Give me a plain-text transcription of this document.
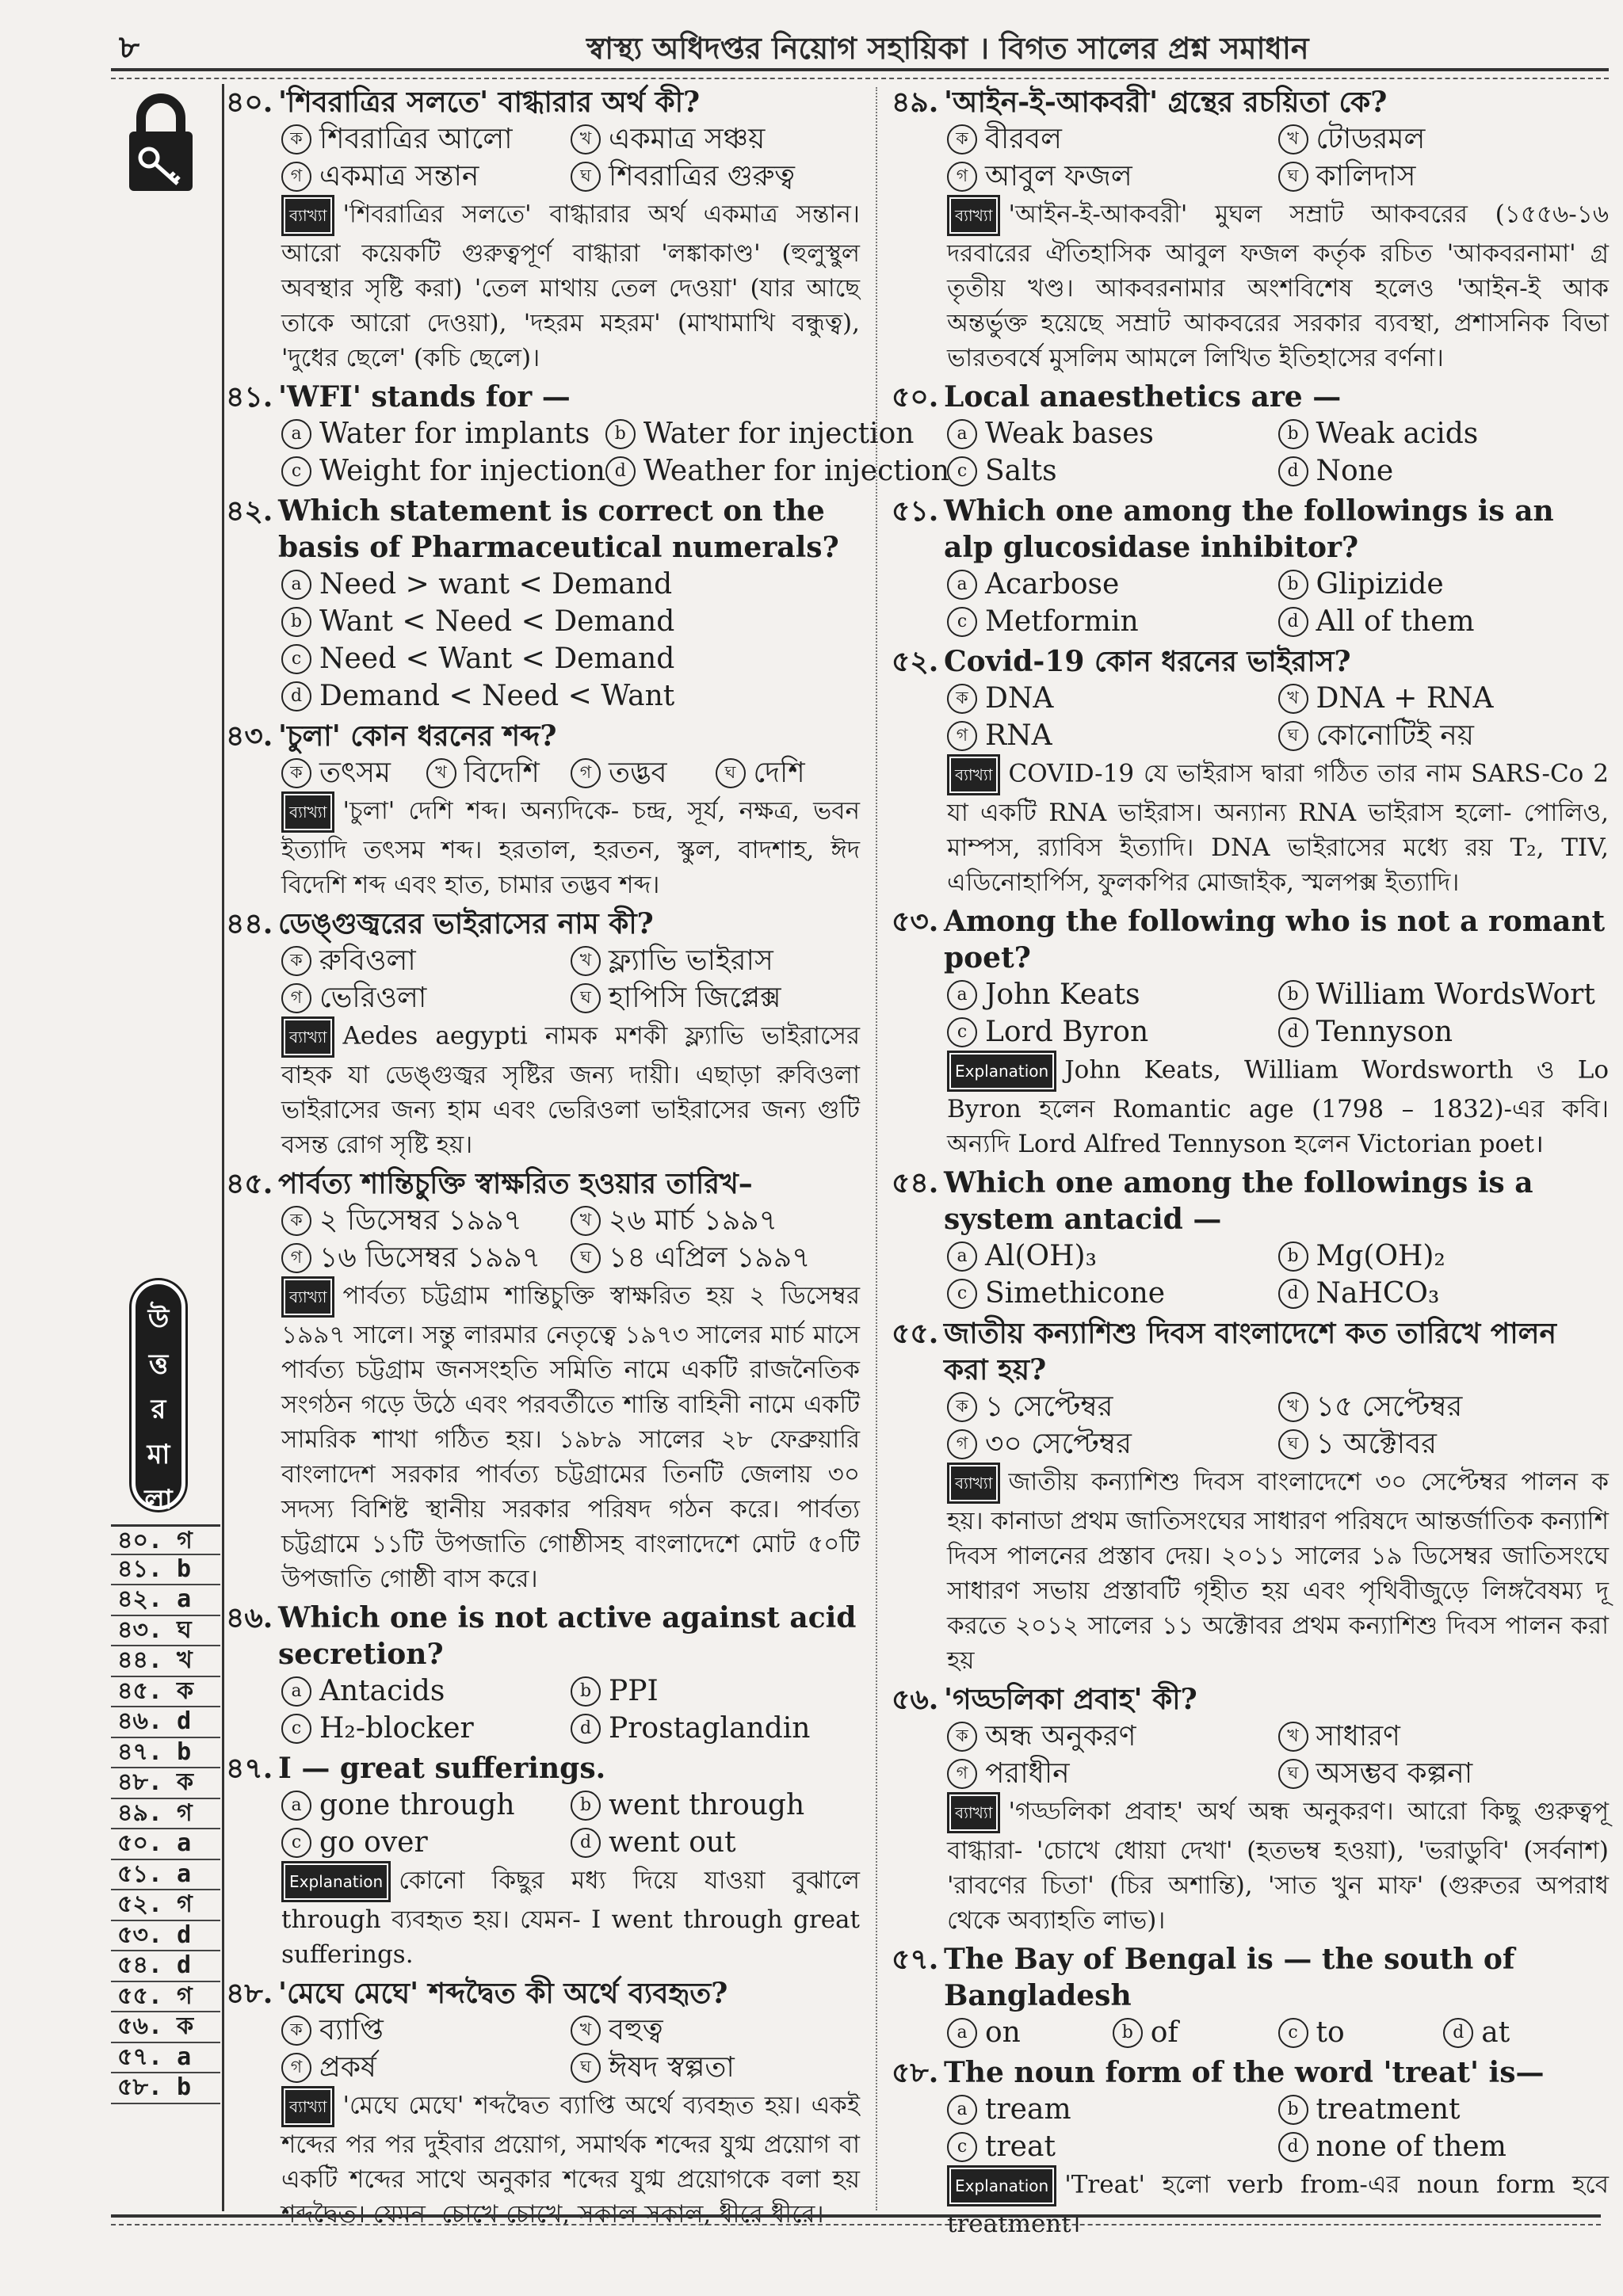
৮	স্বাস্থ্য অধিদপ্তর নিয়োগ সহায়িকা । বিগত সালের প্রশ্ন সমাধান
উ
ত্ত
র
মা
লা
৪০. গ
৪১. b
৪২. a
৪৩. ঘ
৪৪. খ
৪৫. ক
৪৬. d
৪৭. b
৪৮. ক
৪৯. গ
৫০. a
৫১. a
৫২. গ
৫৩. d
৫৪. d
৫৫. গ
৫৬. ক
৫৭. a
৫৮. b
৪০. 'শিবরাত্রির সলতে' বাগ্ধারার অর্থ কী?
ক শিবরাত্রির আলো	খ একমাত্র সঞ্চয়
গ একমাত্র সন্তান	ঘ শিবরাত্রির গুরুত্ব
ব্যাখ্যা 'শিবরাত্রির সলতে' বাগ্ধারার অর্থ একমাত্র সন্তান। আরো কয়েকটি গুরুত্বপূর্ণ বাগ্ধারা 'লঙ্কাকাণ্ড' (হুলুস্থুল অবস্থার সৃষ্টি করা) 'তেল মাথায় তেল দেওয়া' (যার আছে তাকে আরো দেওয়া), 'দহরম মহরম' (মাখামাখি বন্ধুত্ব), 'দুধের ছেলে' (কচি ছেলে)।
৪১. 'WFI' stands for —
a Water for implants	b Water for injection
c Weight for injection d Weather for injection
৪২. Which statement is correct on the basis of Pharmaceutical numerals?
a Need > want < Demand
b Want < Need < Demand
c Need < Want < Demand
d Demand < Need < Want
৪৩. 'চুলা' কোন ধরনের শব্দ?
ক তৎসম	খ বিদেশি	গ তদ্ভব	ঘ দেশি
ব্যাখ্যা 'চুলা' দেশি শব্দ। অন্যদিকে- চন্দ্র, সূর্য, নক্ষত্র, ভবন ইত্যাদি তৎসম শব্দ। হরতাল, হরতন, স্কুল, বাদশাহ, ঈদ বিদেশি শব্দ এবং হাত, চামার তদ্ভব শব্দ।
৪৪. ডেঙ্গুজ্বরের ভাইরাসের নাম কী?
ক রুবিওলা	খ ফ্ল্যাভি ভাইরাস
গ ভেরিওলা	ঘ হাপিসি জিপ্লেক্স
ব্যাখ্যা Aedes aegypti নামক মশকী ফ্ল্যাভি ভাইরাসের বাহক যা ডেঙ্গুজ্বর সৃষ্টির জন্য দায়ী। এছাড়া রুবিওলা ভাইরাসের জন্য হাম এবং ভেরিওলা ভাইরাসের জন্য গুটি বসন্ত রোগ সৃষ্টি হয়।
৪৫. পার্বত্য শান্তিচুক্তি স্বাক্ষরিত হওয়ার তারিখ–
ক ২ ডিসেম্বর ১৯৯৭	খ ২৬ মার্চ ১৯৯৭
গ ১৬ ডিসেম্বর ১৯৯৭	ঘ ১৪ এপ্রিল ১৯৯৭
ব্যাখ্যা পার্বত্য চট্টগ্রাম শান্তিচুক্তি স্বাক্ষরিত হয় ২ ডিসেম্বর ১৯৯৭ সালে। সন্তু লারমার নেতৃত্বে ১৯৭৩ সালের মার্চ মাসে পার্বত্য চট্টগ্রাম জনসংহতি সমিতি নামে একটি রাজনৈতিক সংগঠন গড়ে উঠে এবং পরবর্তীতে শান্তি বাহিনী নামে একটি সামরিক শাখা গঠিত হয়। ১৯৮৯ সালের ২৮ ফেব্রুয়ারি বাংলাদেশ সরকার পার্বত্য চট্টগ্রামের তিনটি জেলায় ৩০ সদস্য বিশিষ্ট স্থানীয় সরকার পরিষদ গঠন করে। পার্বত্য চট্টগ্রামে ১১টি উপজাতি গোষ্ঠীসহ বাংলাদেশে মোট ৫০টি উপজাতি গোষ্ঠী বাস করে।
৪৬. Which one is not active against acid secretion?
a Antacids	b PPI
c H₂-blocker	d Prostaglandin
৪৭. I — great sufferings.
a gone through	b went through
c go over	d went out
Explanation কোনো কিছুর মধ্য দিয়ে যাওয়া বুঝালে through ব্যবহৃত হয়। যেমন- I went through great sufferings.
৪৮. 'মেঘে মেঘে' শব্দদ্বৈত কী অর্থে ব্যবহৃত?
ক ব্যাপ্তি	খ বহুত্ব
গ প্রকর্ষ	ঘ ঈষদ স্বল্পতা
ব্যাখ্যা 'মেঘে মেঘে' শব্দদ্বৈত ব্যাপ্তি অর্থে ব্যবহৃত হয়। একই শব্দের পর পর দুইবার প্রয়োগ, সমার্থক শব্দের যুগ্ম প্রয়োগ বা একটি শব্দের সাথে অনুকার শব্দের যুগ্ম প্রয়োগকে বলা হয় শব্দদ্বৈত। যেমন- চোখে চোখে, সকাল সকাল, ধীরে ধীরে।
৪৯. 'আইন-ই-আকবরী' গ্রন্থের রচয়িতা কে?
ক বীরবল	খ টোডরমল
গ আবুল ফজল	ঘ কালিদাস
ব্যাখ্যা 'আইন-ই-আকবরী' মুঘল সম্রাট আকবরের (১৫৫৬-১৬ দরবারের ঐতিহাসিক আবুল ফজল কর্তৃক রচিত 'আকবরনামা' গ্র তৃতীয় খণ্ড। আকবরনামার অংশবিশেষ হলেও 'আইন-ই আক অন্তর্ভুক্ত হয়েছে সম্রাট আকবরের সরকার ব্যবস্থা, প্রশাসনিক বিভা ভারতবর্ষে মুসলিম আমলে লিখিত ইতিহাসের বর্ণনা।
৫০. Local anaesthetics are —
a Weak bases	b Weak acids
c Salts	d None
৫১. Which one among the followings is an alp glucosidase inhibitor?
a Acarbose	b Glipizide
c Metformin	d All of them
৫২. Covid-19 কোন ধরনের ভাইরাস?
ক DNA	খ DNA + RNA
গ RNA	ঘ কোনোটিই নয়
ব্যাখ্যা COVID-19 যে ভাইরাস দ্বারা গঠিত তার নাম SARS-Co 2 যা একটি RNA ভাইরাস। অন্যান্য RNA ভাইরাস হলো- পোলিও, মাম্পস, র‍্যাবিস ইত্যাদি। DNA ভাইরাসের মধ্যে রয় T₂, TIV, এডিনোহার্পিস, ফুলকপির মোজাইক, স্মলপক্স ইত্যাদি।
৫৩. Among the following who is not a romant poet?
a John Keats	b William WordsWort
c Lord Byron	d Tennyson
Explanation John Keats, William Wordsworth ও Lo Byron হলেন Romantic age (1798 – 1832)-এর কবি। অন্যদি Lord Alfred Tennyson হলেন Victorian poet।
৫৪. Which one among the followings is a system antacid —
a Al(OH)₃	b Mg(OH)₂
c Simethicone	d NaHCO₃
৫৫. জাতীয় কন্যাশিশু দিবস বাংলাদেশে কত তারিখে পালন করা হয়?
ক ১ সেপ্টেম্বর	খ ১৫ সেপ্টেম্বর
গ ৩০ সেপ্টেম্বর	ঘ ১ অক্টোবর
ব্যাখ্যা জাতীয় কন্যাশিশু দিবস বাংলাদেশে ৩০ সেপ্টেম্বর পালন ক হয়। কানাডা প্রথম জাতিসংঘের সাধারণ পরিষদে আন্তর্জাতিক কন্যাশি দিবস পালনের প্রস্তাব দেয়। ২০১১ সালের ১৯ ডিসেম্বর জাতিসংঘে সাধারণ সভায় প্রস্তাবটি গৃহীত হয় এবং পৃথিবীজুড়ে লিঙ্গবৈষম্য দূ করতে ২০১২ সালের ১১ অক্টোবর প্রথম কন্যাশিশু দিবস পালন করা হয়
৫৬. 'গড্ডলিকা প্রবাহ' কী?
ক অন্ধ অনুকরণ	খ সাধারণ
গ পরাধীন	ঘ অসম্ভব কল্পনা
ব্যাখ্যা 'গড্ডলিকা প্রবাহ' অর্থ অন্ধ অনুকরণ। আরো কিছু গুরুত্বপূ বাগ্ধারা- 'চোখে ধোয়া দেখা' (হতভম্ব হওয়া), 'ভরাডুবি' (সর্বনাশ) 'রাবণের চিতা' (চির অশান্তি), 'সাত খুন মাফ' (গুরুতর অপরাধ থেকে অব্যাহতি লাভ)।
৫৭. The Bay of Bengal is — the south of Bangladesh
a on	b of	c to	d at
৫৮. The noun form of the word 'treat' is—
a tream	b treatment
c treat	d none of them
Explanation 'Treat' হলো verb from-এর noun form হবে treatment।
